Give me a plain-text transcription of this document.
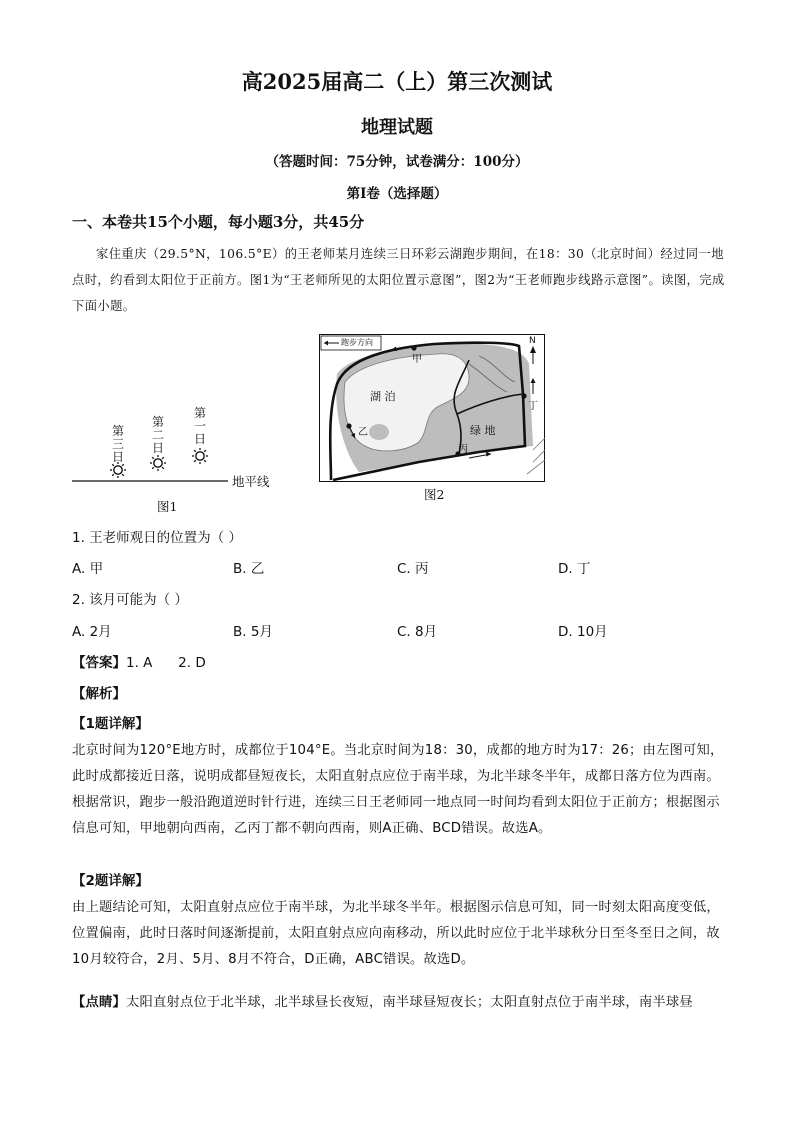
高2025届高二（上）第三次测试
地理试题
（答题时间：75分钟，试卷满分：100分）
第Ⅰ卷（选择题）
一、本卷共15个小题，每小题3分，共45分
家住重庆（29.5°N，106.5°E）的王老师某月连续三日环彩云湖跑步期间，在18：30（北京时间）经过同一地点时，约看到太阳位于正前方。图1为“王老师所见的太阳位置示意图”，图2为“王老师跑步线路示意图”。读图，完成下面小题。
第三日
第二日
第一日
地平线
图1
跑步方向	N
湖 泊
绿 地
甲
乙
丙
丁
图2
1. 王老师观日的位置为（ ）
A. 甲	B. 乙	C. 丙	D. 丁
2. 该月可能为（ ）
A. 2月	B. 5月	C. 8月	D. 10月
【答案】1. A      2. D
【解析】
【1题详解】
北京时间为120°E地方时，成都位于104°E。当北京时间为18：30，成都的地方时为17：26；由左图可知，此时成都接近日落，说明成都昼短夜长，太阳直射点应位于南半球，为北半球冬半年，成都日落方位为西南。根据常识，跑步一般沿跑道逆时针行进，连续三日王老师同一地点同一时间均看到太阳位于正前方；根据图示信息可知，甲地朝向西南，乙丙丁都不朝向西南，则A正确、BCD错误。故选A。
【2题详解】
由上题结论可知，太阳直射点应位于南半球，为北半球冬半年。根据图示信息可知，同一时刻太阳高度变低，位置偏南，此时日落时间逐渐提前，太阳直射点应向南移动，所以此时应位于北半球秋分日至冬至日之间，故10月较符合，2月、5月、8月不符合，D正确，ABC错误。故选D。
【点睛】太阳直射点位于北半球，北半球昼长夜短，南半球昼短夜长；太阳直射点位于南半球，南半球昼
